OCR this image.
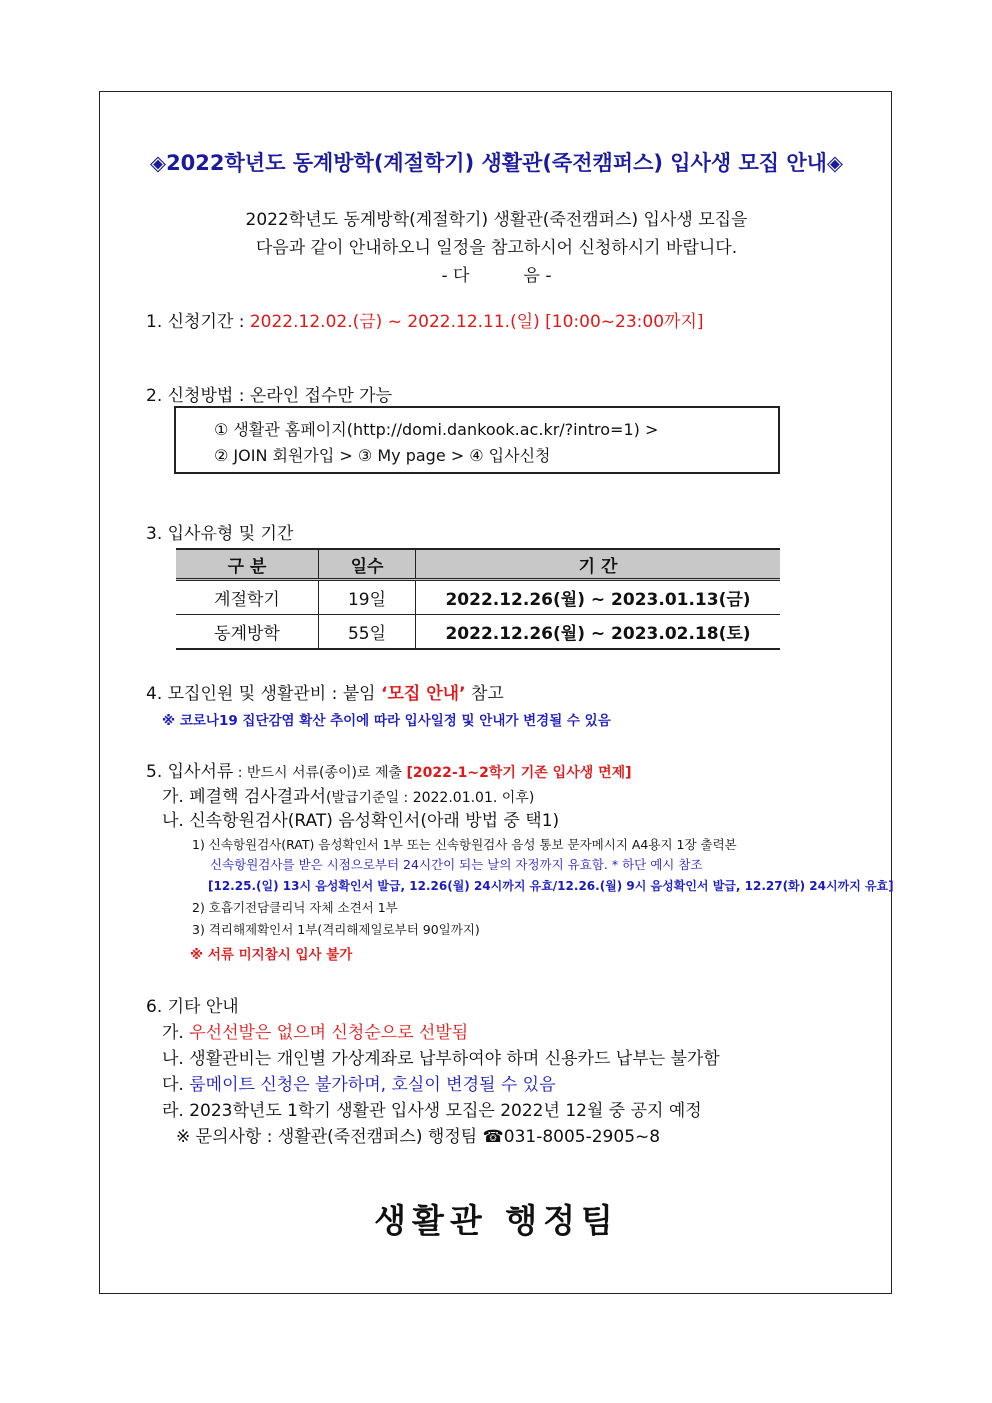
◈2022학년도 동계방학(계절학기) 생활관(죽전캠퍼스) 입사생 모집 안내◈
2022학년도 동계방학(계절학기) 생활관(죽전캠퍼스) 입사생 모집을
다음과 같이 안내하오니 일정을 참고하시어 신청하시기 바랍니다.
- 다          음 -
1. 신청기간 : 2022.12.02.(금) ~ 2022.12.11.(일) [10:00~23:00까지]
2. 신청방법 : 온라인 접수만 가능
① 생활관 홈페이지(http://domi.dankook.ac.kr/?intro=1) >
② JOIN 회원가입 > ③ My page > ④ 입사신청
3. 입사유형 및 기간
구 분	일수	기 간
계절학기	19일	2022.12.26(월) ~ 2023.01.13(금)
동계방학	55일	2022.12.26(월) ~ 2023.02.18(토)
4. 모집인원 및 생활관비 : 붙임 ‘모집 안내’ 참고
※ 코로나19 집단감염 확산 추이에 따라 입사일정 및 안내가 변경될 수 있음
5. 입사서류 : 반드시 서류(종이)로 제출 [2022-1~2학기 기존 입사생 면제]
가. 폐결핵 검사결과서(발급기준일 : 2022.01.01. 이후)
나. 신속항원검사(RAT) 음성확인서(아래 방법 중 택1)
1) 신속항원검사(RAT) 음성확인서 1부 또는 신속항원검사 음성 통보 문자메시지 A4용지 1장 출력본
신속항원검사를 받은 시점으로부터 24시간이 되는 날의 자정까지 유효함. * 하단 예시 참조
[12.25.(일) 13시 음성확인서 발급, 12.26(월) 24시까지 유효/12.26.(월) 9시 음성확인서 발급, 12.27(화) 24시까지 유효]
2) 호흡기전담클리닉 자체 소견서 1부
3) 격리해제확인서 1부(격리해제일로부터 90일까지)
※ 서류 미지참시 입사 불가
6. 기타 안내
가. 우선선발은 없으며 신청순으로 선발됨
나. 생활관비는 개인별 가상계좌로 납부하여야 하며 신용카드 납부는 불가함
다. 룸메이트 신청은 불가하며, 호실이 변경될 수 있음
라. 2023학년도 1학기 생활관 입사생 모집은 2022년 12월 중 공지 예정
※ 문의사항 : 생활관(죽전캠퍼스) 행정팀 ☎031-8005-2905~8
생활관 행정팀
